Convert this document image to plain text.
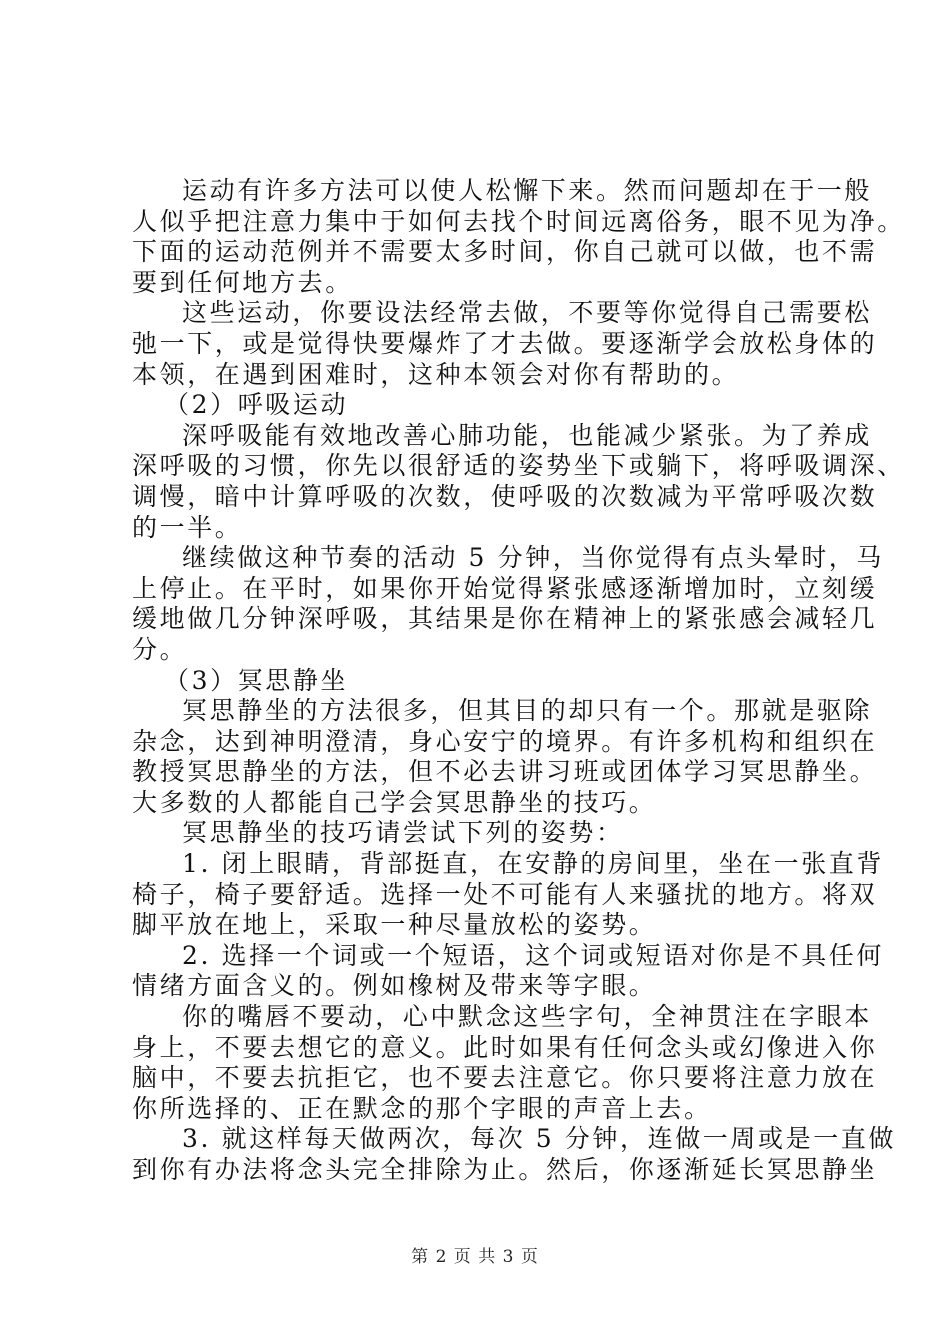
运动有许多方法可以使人松懈下来。然而问题却在于一般
人似乎把注意力集中于如何去找个时间远离俗务，眼不见为净。
下面的运动范例并不需要太多时间，你自己就可以做，也不需
要到任何地方去。
这些运动，你要设法经常去做，不要等你觉得自己需要松
弛一下，或是觉得快要爆炸了才去做。要逐渐学会放松身体的
本领，在遇到困难时，这种本领会对你有帮助的。
（2）呼吸运动
深呼吸能有效地改善心肺功能，也能减少紧张。为了养成
深呼吸的习惯，你先以很舒适的姿势坐下或躺下，将呼吸调深、
调慢，暗中计算呼吸的次数，使呼吸的次数减为平常呼吸次数
的一半。
继续做这种节奏的活动 5 分钟，当你觉得有点头晕时，马
上停止。在平时，如果你开始觉得紧张感逐渐增加时，立刻缓
缓地做几分钟深呼吸，其结果是你在精神上的紧张感会减轻几
分。
（3）冥思静坐
冥思静坐的方法很多，但其目的却只有一个。那就是驱除
杂念，达到神明澄清，身心安宁的境界。有许多机构和组织在
教授冥思静坐的方法，但不必去讲习班或团体学习冥思静坐。
大多数的人都能自己学会冥思静坐的技巧。
冥思静坐的技巧请尝试下列的姿势：
1. 闭上眼睛，背部挺直，在安静的房间里，坐在一张直背
椅子，椅子要舒适。选择一处不可能有人来骚扰的地方。将双
脚平放在地上，采取一种尽量放松的姿势。
2. 选择一个词或一个短语，这个词或短语对你是不具任何
情绪方面含义的。例如橡树及带来等字眼。
你的嘴唇不要动，心中默念这些字句，全神贯注在字眼本
身上，不要去想它的意义。此时如果有任何念头或幻像进入你
脑中，不要去抗拒它，也不要去注意它。你只要将注意力放在
你所选择的、正在默念的那个字眼的声音上去。
3. 就这样每天做两次，每次 5 分钟，连做一周或是一直做
到你有办法将念头完全排除为止。然后，你逐渐延长冥思静坐
第 2 页 共 3 页
